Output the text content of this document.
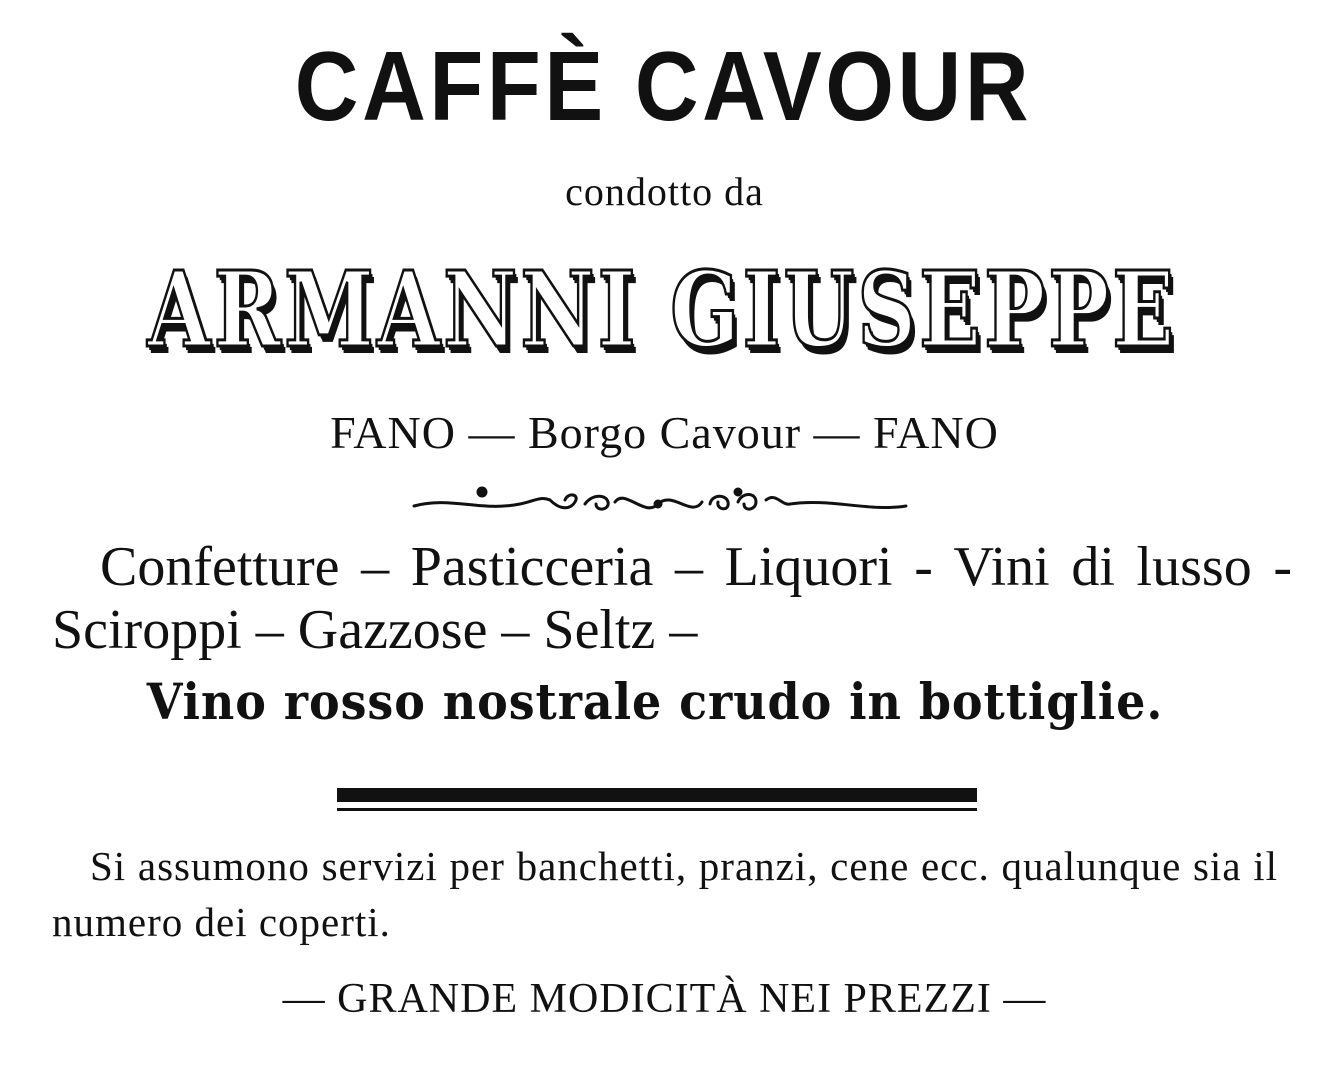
CAFFÈ CAVOUR
condotto da
ARMANNI GIUSEPPE
FANO — Borgo Cavour — FANO

Confetture – Pasticceria – Liquori - Vini di lusso - Sciroppi – Gazzose – Seltz –

Vino rosso nostrale crudo in bottiglie.

Si assumono servizi per banchetti, pranzi, cene ecc. qualunque sia il numero dei coperti.

— GRANDE MODICITÀ NEI PREZZI —
